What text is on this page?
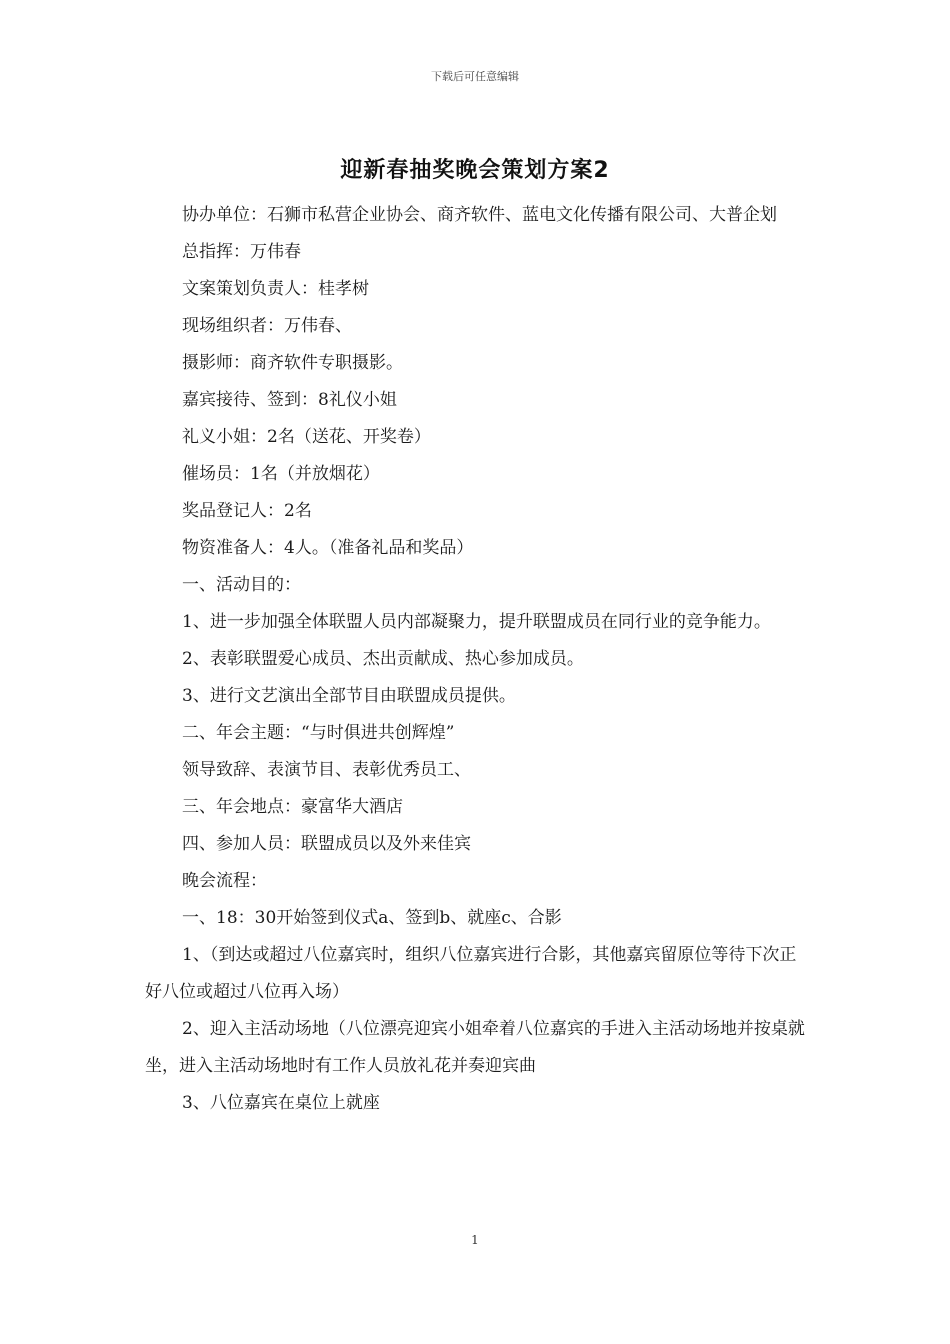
下载后可任意编辑
迎新春抽奖晚会策划方案2

协办单位：石狮市私营企业协会、商齐软件、蓝电文化传播有限公司、大普企划

总指挥：万伟春

文案策划负责人：桂孝树

现场组织者：万伟春、

摄影师：商齐软件专职摄影。

嘉宾接待、签到：8礼仪小姐

礼义小姐：2名（送花、开奖卷）

催场员：1名（并放烟花）

奖品登记人：2名

物资准备人：4人。（准备礼品和奖品）

一、活动目的：

1、进一步加强全体联盟人员内部凝聚力，提升联盟成员在同行业的竞争能力。

2、表彰联盟爱心成员、杰出贡献成、热心参加成员。

3、进行文艺演出全部节目由联盟成员提供。

二、年会主题：“与时俱进共创辉煌”

领导致辞、表演节目、表彰优秀员工、

三、年会地点：豪富华大酒店

四、参加人员：联盟成员以及外来佳宾

晚会流程：

一、18：30开始签到仪式a、签到b、就座c、合影

1、（到达或超过八位嘉宾时，组织八位嘉宾进行合影，其他嘉宾留原位等待下次正好八位或超过八位再入场）

2、迎入主活动场地（八位漂亮迎宾小姐牵着八位嘉宾的手进入主活动场地并按桌就坐，进入主活动场地时有工作人员放礼花并奏迎宾曲

3、八位嘉宾在桌位上就座

1
